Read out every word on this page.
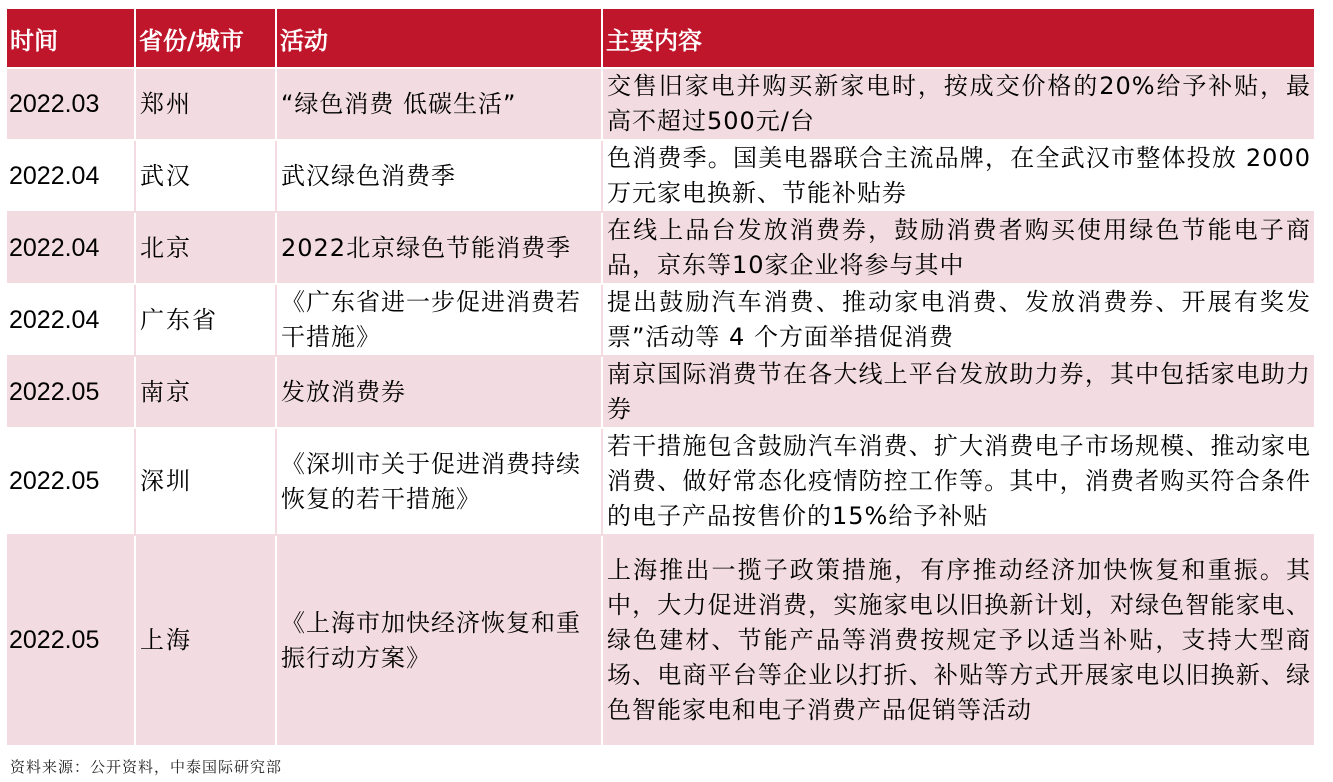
时间	省份/城市	活动	主要内容
2022.03	郑州	“绿色消费 低碳生活”	交售旧家电并购买新家电时，按成交价格的20%给予补贴，最高不超过500元/台
2022.04	武汉	武汉绿色消费季	色消费季。国美电器联合主流品牌，在全武汉市整体投放 2000 万元家电换新、节能补贴券
2022.04	北京	2022北京绿色节能消费季	在线上品台发放消费券，鼓励消费者购买使用绿色节能电子商品，京东等10家企业将参与其中
2022.04	广东省	《广东省进一步促进消费若干措施》	提出鼓励汽车消费、推动家电消费、发放消费券、开展有奖发票”活动等 4 个方面举措促消费
2022.05	南京	发放消费券	南京国际消费节在各大线上平台发放助力券，其中包括家电助力券
2022.05	深圳	《深圳市关于促进消费持续恢复的若干措施》	若干措施包含鼓励汽车消费、扩大消费电子市场规模、推动家电消费、做好常态化疫情防控工作等。其中，消费者购买符合条件的电子产品按售价的15%给予补贴
2022.05	上海	《上海市加快经济恢复和重振行动方案》	上海推出一揽子政策措施，有序推动经济加快恢复和重振。其中，大力促进消费，实施家电以旧换新计划，对绿色智能家电、绿色建材、节能产品等消费按规定予以适当补贴，支持大型商场、电商平台等企业以打折、补贴等方式开展家电以旧换新、绿色智能家电和电子消费产品促销等活动
资料来源：公开资料，中泰国际研究部
